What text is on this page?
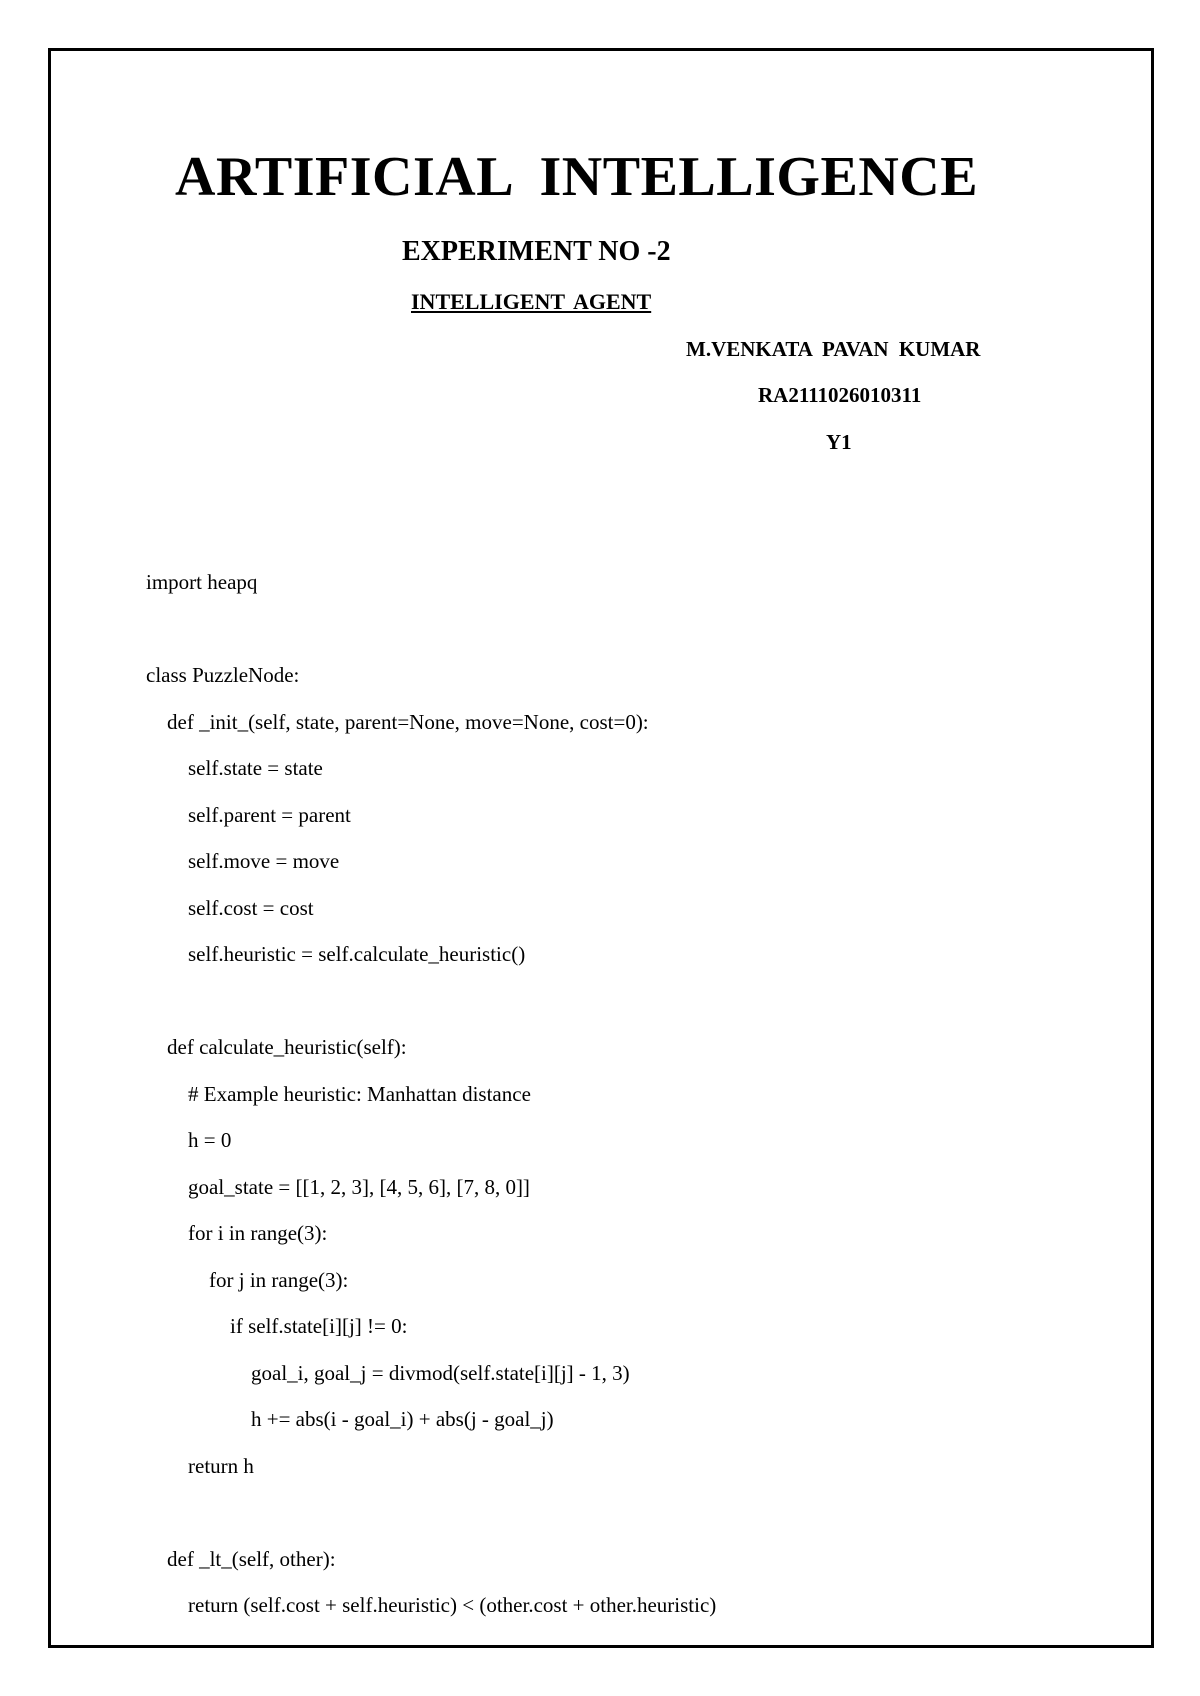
ARTIFICIAL INTELLIGENCE
EXPERIMENT NO -2
INTELLIGENT AGENT
M.VENKATA PAVAN KUMAR
RA2111026010311
Y1

import heapq
class PuzzleNode:
def _init_(self, state, parent=None, move=None, cost=0):
self.state = state
self.parent = parent
self.move = move
self.cost = cost
self.heuristic = self.calculate_heuristic()
def calculate_heuristic(self):
# Example heuristic: Manhattan distance
h = 0
goal_state = [[1, 2, 3], [4, 5, 6], [7, 8, 0]]
for i in range(3):
for j in range(3):
if self.state[i][j] != 0:
goal_i, goal_j = divmod(self.state[i][j] - 1, 3)
h += abs(i - goal_i) + abs(j - goal_j)
return h
def _lt_(self, other):
return (self.cost + self.heuristic) < (other.cost + other.heuristic)
